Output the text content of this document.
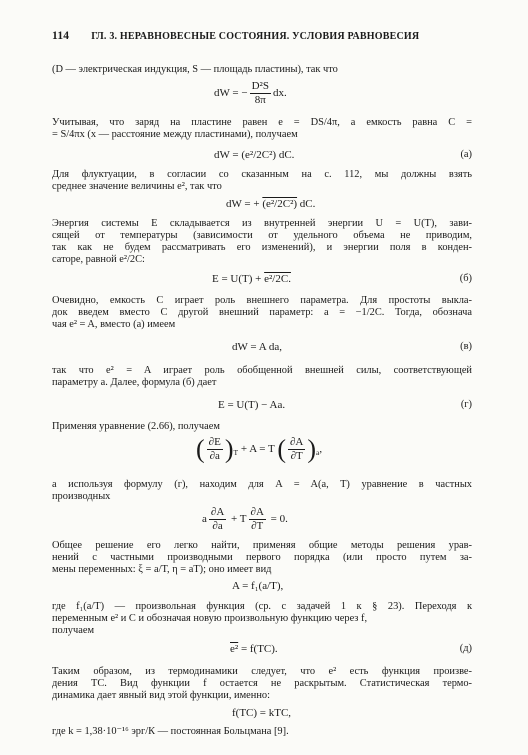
114 ГЛ. 3. НЕРАВНОВЕСНЫЕ СОСТОЯНИЯ. УСЛОВИЯ РАВНОВЕСИЯ
(D — электрическая индукция, S — площадь пластины), так что
dW = − $\frac{\text{D²S}}{8\pi}$ dx.
Учитывая, что заряд на пластине равен e = DS/4π, а емкость равна C =
= S/4πx (x — расстояние между пластинами), получаем
dW = (e²/2C²) dC.	(а)
Для флуктуации, в согласии со сказанным на с. 112, мы должны взять
среднее значение величины e², так что
dW = + (e²/2C²) dC.
Энергия системы E складывается из внутренней энергии U = U(T), зави-
сящей от температуры (зависимости от удельного объема не приводим,
так как не будем рассматривать его изменений), и энергии поля в конден-
саторе, равной e²/2C:
E = U(T) + e²/2C.	(б)
Очевидно, емкость C играет роль внешнего параметра. Для простоты выкла-
док введем вместо C другой внешний параметр: a = −1/2C. Тогда, обознача
чая e² = A, вместо (а) имеем
dW = A da,	(в)
так что e² = A играет роль обобщенной внешней силы, соответствующей
параметру a. Далее, формула (б) дает
E = U(T) − Aa.	(г)
Применяя уравнение (2.66), получаем
( $\frac{\partial E}{\partial a} )_T + A = T$ ( $\frac{\partial A}{\partial T} )_a$,
а используя формулу (г), находим для A = A(a, T) уравнение в частных
производных
a $\frac{\partial A}{\partial a} + T \frac{\partial A}{\partial T} = 0$.
Общее решение его легко найти, применяя общие методы решения урав-
нений с частными производными первого порядка (или просто путем за-
мены переменных: ξ = a/T, η = aT); оно имеет вид
A = f₁(a/T),
где f₁(a/T) — произвольная функция (ср. с задачей 1 к § 23). Переходя к
переменным e² и C и обозначая новую произвольную функцию через f,
получаем
e² = f(TC).	(д)
Таким образом, из термодинамики следует, что e² есть функция произве-
дения TC. Вид функции f остается не раскрытым. Статистическая термо-
динамика дает явный вид этой функции, именно:
f(TC) = kTC,
где k = 1,38·10⁻¹⁶ эрг/К — постоянная Больцмана [9].
